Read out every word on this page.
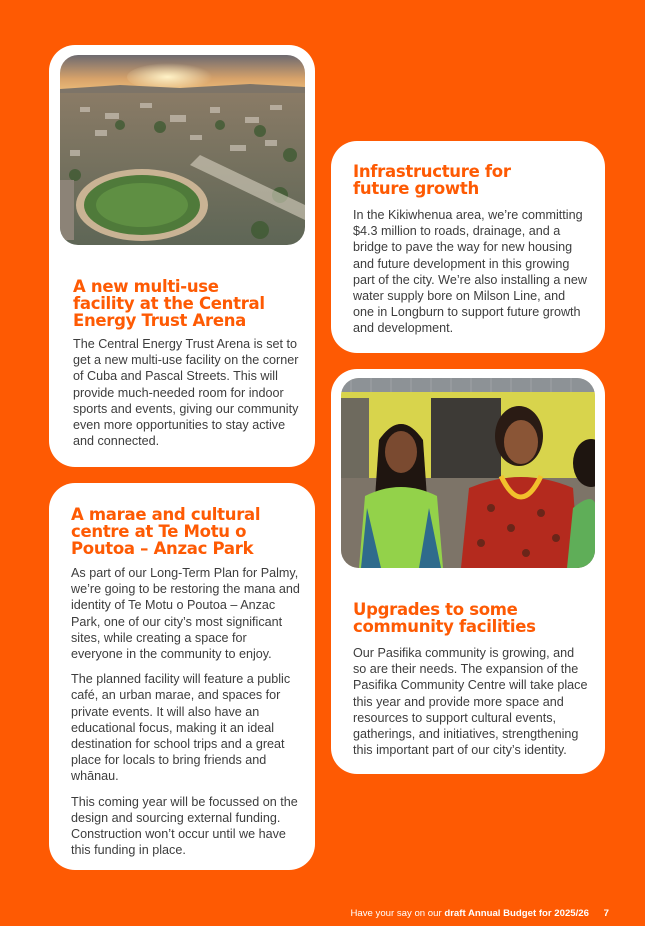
A new multi-use facility at the Central Energy Trust Arena

The Central Energy Trust Arena is set to get a new multi-use facility on the corner of Cuba and Pascal Streets. This will provide much-needed room for indoor sports and events, giving our community even more opportunities to stay active and connected.

Infrastructure for future growth

In the Kikiwhenua area, we’re committing $4.3 million to roads, drainage, and a bridge to pave the way for new housing and future development in this growing part of the city. We’re also installing a new water supply bore on Milson Line, and one in Longburn to support future growth and development.

A marae and cultural centre at Te Motu o Poutoa – Anzac Park

As part of our Long-Term Plan for Palmy, we’re going to be restoring the mana and identity of Te Motu o Poutoa – Anzac Park, one of our city’s most significant sites, while creating a space for everyone in the community to enjoy.

The planned facility will feature a public café, an urban marae, and spaces for private events. It will also have an educational focus, making it an ideal destination for school trips and a great place for locals to bring friends and whānau.

This coming year will be focussed on the design and sourcing external funding. Construction won’t occur until we have this funding in place.

Upgrades to some community facilities

Our Pasifika community is growing, and so are their needs. The expansion of the Pasifika Community Centre will take place this year and provide more space and resources to support cultural events, gatherings, and initiatives, strengthening this important part of our city’s identity.

Have your say on our draft Annual Budget for 2025/26 7
